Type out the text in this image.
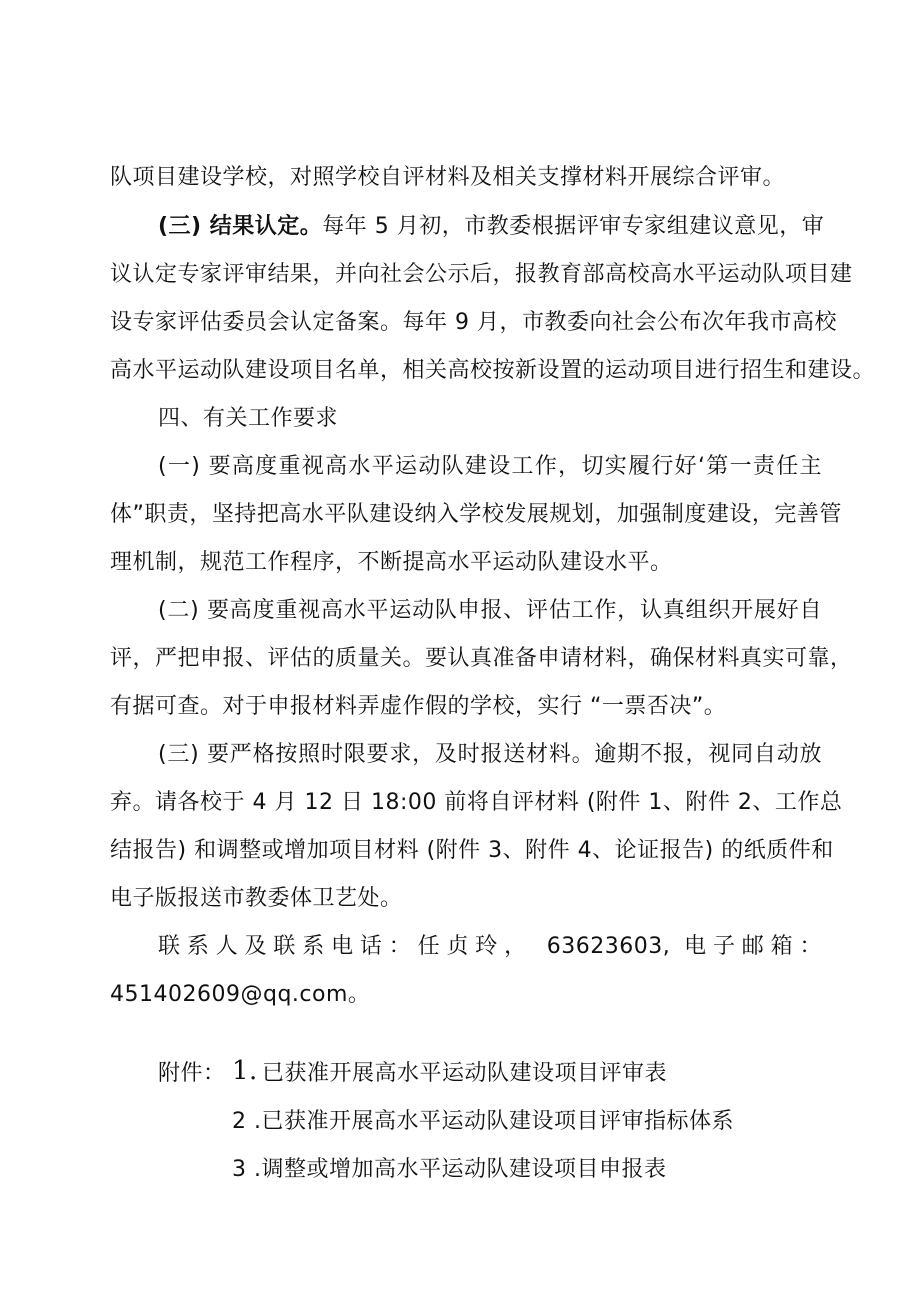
队项目建设学校，对照学校自评材料及相关支撑材料开展综合评审。
(三) 结果认定。每年 5 月初，市教委根据评审专家组建议意见，审
议认定专家评审结果，并向社会公示后，报教育部高校高水平运动队项目建
设专家评估委员会认定备案。每年 9 月，市教委向社会公布次年我市高校
高水平运动队建设项目名单，相关高校按新设置的运动项目进行招生和建设。
四、有关工作要求
(一) 要高度重视高水平运动队建设工作，切实履行好‘第一责任主
体”职责，坚持把高水平队建设纳入学校发展规划，加强制度建设，完善管
理机制，规范工作程序，不断提高水平运动队建设水平。
(二) 要高度重视高水平运动队申报、评估工作，认真组织开展好自
评，严把申报、评估的质量关。要认真准备申请材料，确保材料真实可靠，
有据可查。对于申报材料弄虚作假的学校，实行 “一票否决”。
(三) 要严格按照时限要求，及时报送材料。逾期不报，视同自动放
弃。请各校于 4 月 12 日 18:00 前将自评材料 (附件 1、附件 2、工作总
结报告) 和调整或增加项目材料 (附件 3、附件 4、论证报告) 的纸质件和
电子版报送市教委体卫艺处。
联系人及联系电话：任贞玲， 63623603, 电子邮箱：
451402609@qq.com。
附件： 1. 已获准开展高水平运动队建设项目评审表
2 .已获准开展高水平运动队建设项目评审指标体系
3 .调整或增加高水平运动队建设项目申报表
